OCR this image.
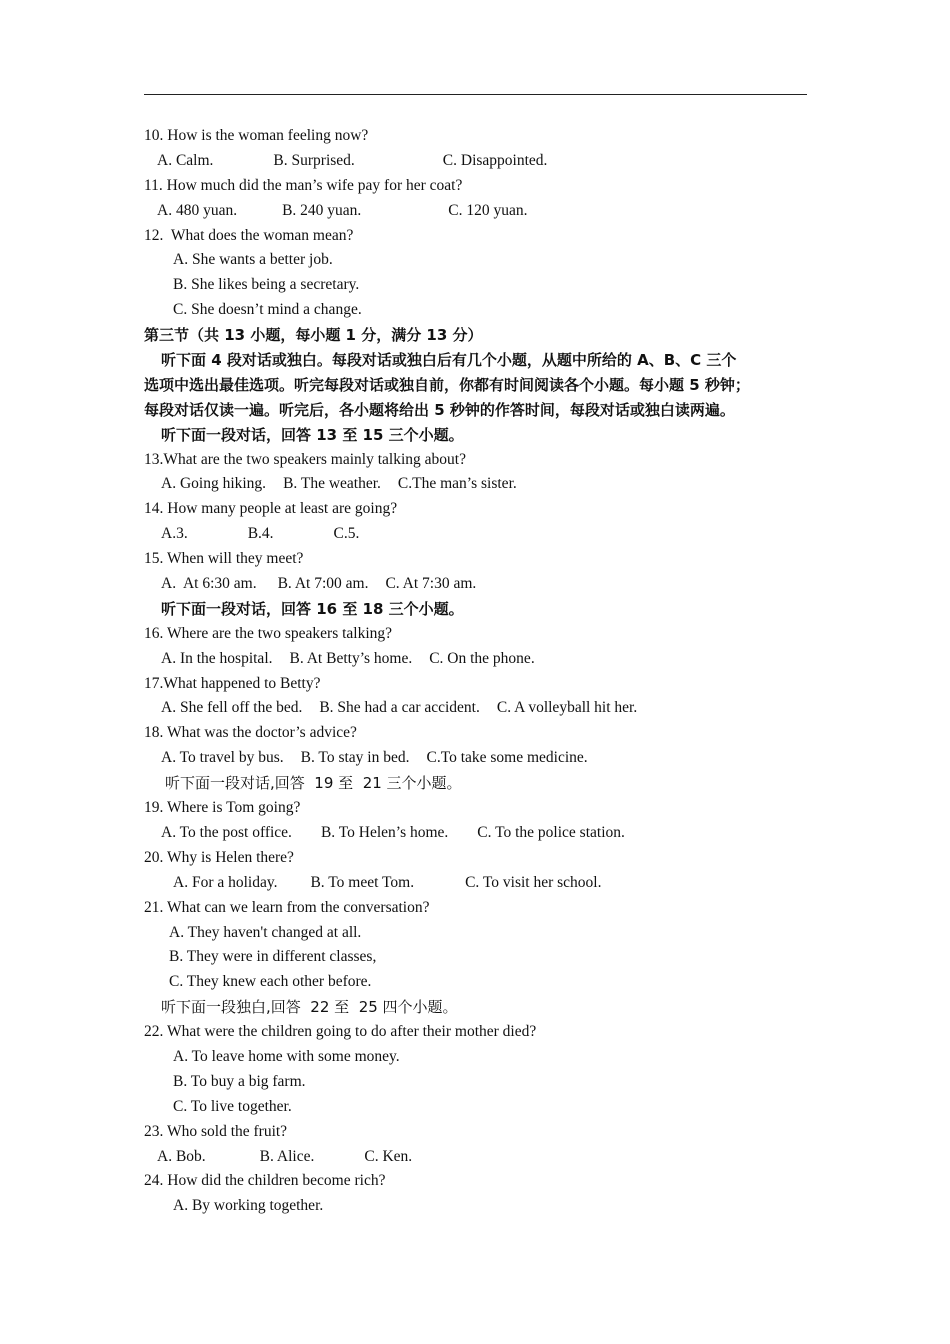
10. How is the woman feeling now?
A. Calm.	B. Surprised.	C. Disappointed.
11. How much did the man’s wife pay for her coat?
A. 480 yuan.	B. 240 yuan.	C. 120 yuan.
12.  What does the woman mean?
A. She wants a better job.
B. She likes being a secretary.
C. She doesn’t mind a change.
第三节（共 13 小题，每小题 1 分，满分 13 分）
听下面 4 段对话或独白。每段对话或独白后有几个小题，从题中所给的 A、B、C 三个
选项中选出最佳选项。听完每段对话或独自前，你都有时间阅读各个小题。每小题 5 秒钟；
每段对话仅读一遍。听完后，各小题将给出 5 秒钟的作答时间，每段对话或独白读两遍。
听下面一段对话，回答 13 至 15 三个小题。
13.What are the two speakers mainly talking about?
A. Going hiking. B. The weather. C.The man’s sister.
14. How many people at least are going?
A.3.	B.4.	C.5.
15. When will they meet?
A.  At 6:30 am. B. At 7:00 am. C. At 7:30 am.
听下面一段对话，回答 16 至 18 三个小题。
16. Where are the two speakers talking?
A. In the hospital. B. At Betty’s home. C. On the phone.
17.What happened to Betty?
A. She fell off the bed. B. She had a car accident. C. A volleyball hit her.
18. What was the doctor’s advice?
A. To travel by bus. B. To stay in bed. C.To take some medicine.
听下面一段对话,回答  19 至  21 三个小题。
19. Where is Tom going?
A. To the post office. B. To Helen’s home. C. To the police station.
20. Why is Helen there?
A. For a holiday. B. To meet Tom.	C. To visit her school.
21. What can we learn from the conversation?
A. They haven't changed at all.
B. They were in different classes,
C. They knew each other before.
听下面一段独白,回答  22 至  25 四个小题。
22. What were the children going to do after their mother died?
A. To leave home with some money.
B. To buy a big farm.
C. To live together.
23. Who sold the fruit?
A. Bob.	B. Alice.	C. Ken.
24. How did the children become rich?
A. By working together.
